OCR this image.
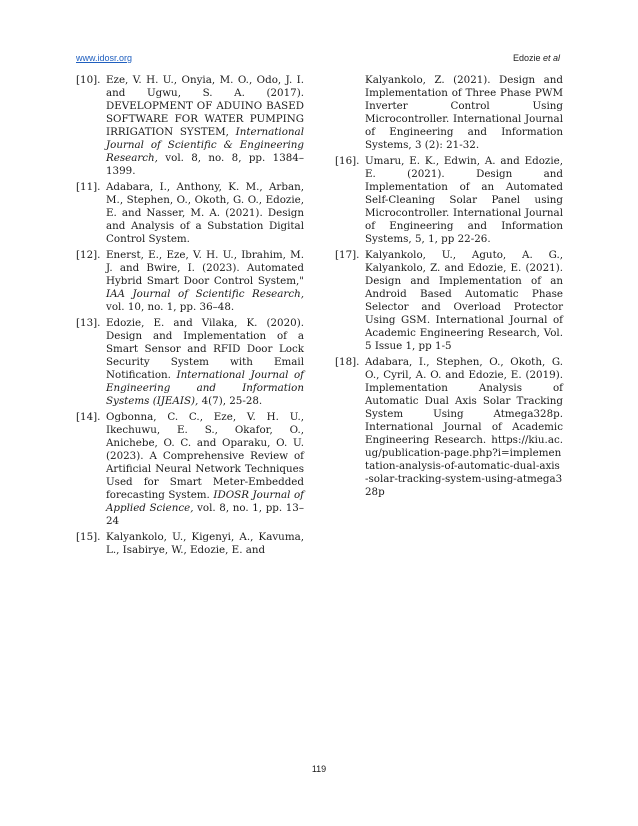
www.idosr.org	Edozie et al
[10]. Eze, V. H. U., Onyia, M. O., Odo, J. I. and Ugwu, S. A. (2017). DEVELOPMENT OF ADUINO BASED SOFTWARE FOR WATER PUMPING IRRIGATION SYSTEM, International Journal of Scientific & Engineering Research, vol. 8, no. 8, pp. 1384–1399.
[11]. Adabara, I., Anthony, K. M., Arban, M., Stephen, O., Okoth, G. O., Edozie, E. and Nasser, M. A. (2021). Design and Analysis of a Substation Digital Control System.
[12]. Enerst, E., Eze, V. H. U., Ibrahim, M. J. and Bwire, I. (2023). Automated Hybrid Smart Door Control System," IAA Journal of Scientific Research, vol. 10, no. 1, pp. 36–48.
[13]. Edozie, E. and Vilaka, K. (2020). Design and Implementation of a Smart Sensor and RFID Door Lock Security System with Email Notification. International Journal of Engineering and Information Systems (IJEAIS), 4(7), 25-28.
[14]. Ogbonna, C. C., Eze, V. H. U., Ikechuwu, E. S., Okafor, O., Anichebe, O. C. and Oparaku, O. U. (2023). A Comprehensive Review of Artificial Neural Network Techniques Used for Smart Meter-Embedded forecasting System. IDOSR Journal of Applied Science, vol. 8, no. 1, pp. 13–24
[15]. Kalyankolo, U., Kigenyi, A., Kavuma, L., Isabirye, W., Edozie, E. and
Kalyankolo, Z. (2021). Design and Implementation of Three Phase PWM Inverter Control Using Microcontroller. International Journal of Engineering and Information Systems, 3 (2): 21-32.
[16]. Umaru, E. K., Edwin, A. and Edozie, E. (2021). Design and Implementation of an Automated Self-Cleaning Solar Panel using Microcontroller. International Journal of Engineering and Information Systems, 5, 1, pp 22-26.
[17]. Kalyankolo, U., Aguto, A. G., Kalyankolo, Z. and Edozie, E. (2021). Design and Implementation of an Android Based Automatic Phase Selector and Overload Protector Using GSM. International Journal of Academic Engineering Research, Vol. 5 Issue 1, pp 1-5
[18]. Adabara, I., Stephen, O., Okoth, G. O., Cyril, A. O. and Edozie, E. (2019). Implementation Analysis of Automatic Dual Axis Solar Tracking System Using Atmega328p. International Journal of Academic Engineering Research. https://kiu.ac.ug/publication-page.php?i=implementation-analysis-of-automatic-dual-axis-solar-tracking-system-using-atmega328p
119
